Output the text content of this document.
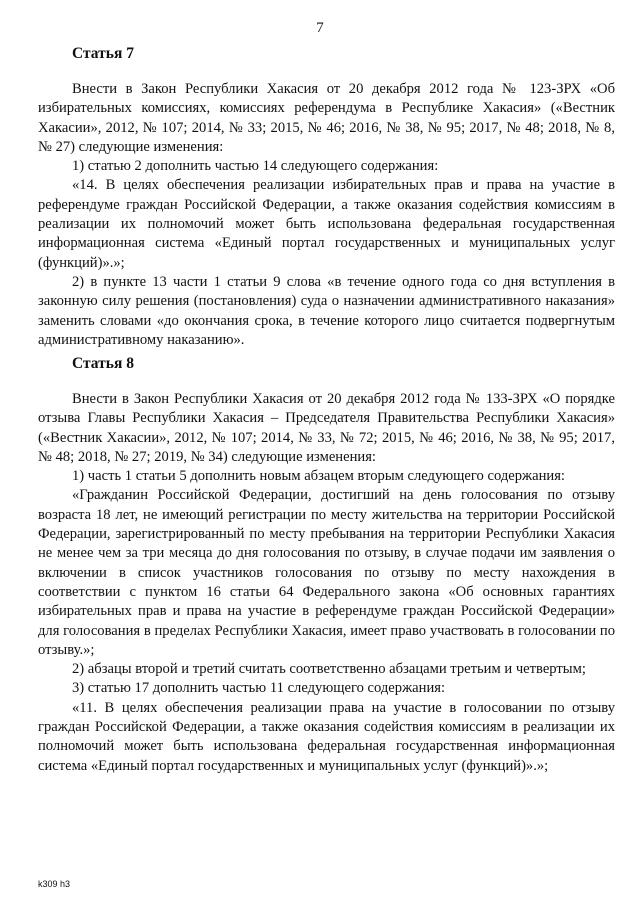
7
Статья 7

Внести в Закон Республики Хакасия от 20 декабря 2012 года № 123-ЗРХ «Об избирательных комиссиях, комиссиях референдума в Республике Хакасия» («Вестник Хакасии», 2012, № 107; 2014, № 33; 2015, № 46; 2016, № 38, № 95; 2017, № 48; 2018, № 8, № 27) следующие изменения:

1) статью 2 дополнить частью 14 следующего содержания:

«14. В целях обеспечения реализации избирательных прав и права на участие в референдуме граждан Российской Федерации, а также оказания содействия комиссиям в реализации их полномочий может быть использована федеральная государственная информационная система «Единый портал государственных и муниципальных услуг (функций)».»;

2) в пункте 13 части 1 статьи 9 слова «в течение одного года со дня вступления в законную силу решения (постановления) суда о назначении административного наказания» заменить словами «до окончания срока, в течение которого лицо считается подвергнутым административному наказанию».

Статья 8

Внести в Закон Республики Хакасия от 20 декабря 2012 года № 133-ЗРХ «О порядке отзыва Главы Республики Хакасия – Председателя Правительства Республики Хакасия» («Вестник Хакасии», 2012, № 107; 2014, № 33, № 72; 2015, № 46; 2016, № 38, № 95; 2017, № 48; 2018, № 27; 2019, № 34) следующие изменения:

1) часть 1 статьи 5 дополнить новым абзацем вторым следующего содержания:

«Гражданин Российской Федерации, достигший на день голосования по отзыву возраста 18 лет, не имеющий регистрации по месту жительства на территории Российской Федерации, зарегистрированный по месту пребывания на территории Республики Хакасия не менее чем за три месяца до дня голосования по отзыву, в случае подачи им заявления о включении в список участников голосования по отзыву по месту нахождения в соответствии с пунктом 16 статьи 64 Федерального закона «Об основных гарантиях избирательных прав и права на участие в референдуме граждан Российской Федерации» для голосования в пределах Республики Хакасия, имеет право участвовать в голосовании по отзыву.»;

2) абзацы второй и третий считать соответственно абзацами третьим и четвертым;

3) статью 17 дополнить частью 11 следующего содержания:

«11. В целях обеспечения реализации права на участие в голосовании по отзыву граждан Российской Федерации, а также оказания содействия комиссиям в реализации их полномочий может быть использована федеральная государственная информационная система «Единый портал государственных и муниципальных услуг (функций)».»;

k309 h3
